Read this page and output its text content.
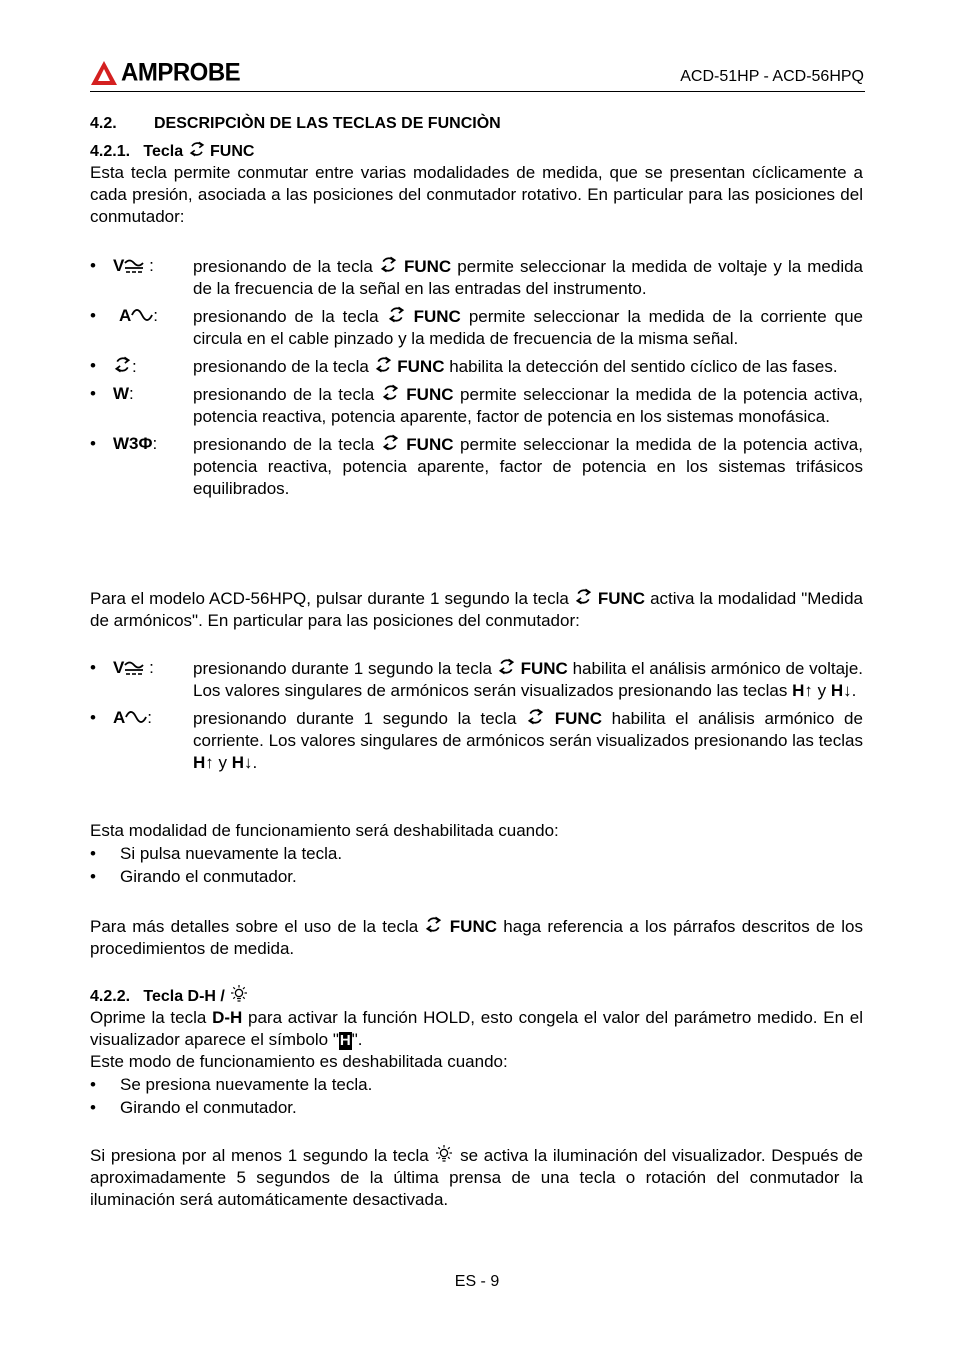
AMPROBE	ACD-51HP - ACD-56HPQ
4.2. DESCRIPCIÒN DE LAS TECLAS DE FUNCIÒN
4.2.1.   Tecla FUNC
Esta tecla permite conmutar entre varias modalidades de medida, que se presentan cíclicamente a cada presión, asociada a las posiciones del conmutador rotativo. En particular para las posiciones del conmutador:
• V : presionando de la tecla FUNC permite seleccionar la medida de voltaje y la medida de la frecuencia de la señal en las entradas del instrumento.
• A : presionando de la tecla FUNC permite seleccionar la medida de la corriente que circula en el cable pinzado y la medida de frecuencia de la misma señal.
•	:	presionando de la tecla FUNC habilita la detección del sentido cíclico de las fases.
• W:	presionando de la tecla FUNC permite seleccionar la medida de la potencia activa, potencia reactiva, potencia aparente, factor de potencia en los sistemas monofásica.
• W3Φ: presionando de la tecla FUNC permite seleccionar la medida de la potencia activa, potencia reactiva, potencia aparente, factor de potencia en los sistemas trifásicos equilibrados.
Para el modelo ACD-56HPQ, pulsar durante 1 segundo la tecla FUNC activa la modalidad "Medida de armónicos". En particular para las posiciones del conmutador:
• V : presionando durante 1 segundo la tecla FUNC habilita el análisis armónico de voltaje. Los valores singulares de armónicos serán visualizados presionando las teclas H↑ y H↓.
• A : presionando durante 1 segundo la tecla FUNC habilita el análisis armónico de corriente. Los valores singulares de armónicos serán visualizados presionando las teclas H↑ y H↓.
Esta modalidad de funcionamiento será deshabilitada cuando:
• Si pulsa nuevamente la tecla.
• Girando el conmutador.
Para más detalles sobre el uso de la tecla FUNC haga referencia a los párrafos descritos de los procedimientos de medida.
4.2.2.   Tecla D-H /
Oprime la tecla D-H para activar la función HOLD, esto congela el valor del parámetro medido. En el visualizador aparece el símbolo "H".
Este modo de funcionamiento es deshabilitada cuando:
• Se presiona nuevamente la tecla.
• Girando el conmutador.
Si presiona por al menos 1 segundo la tecla se activa la iluminación del visualizador. Después de aproximadamente 5 segundos de la última prensa de una tecla o rotación del conmutador la iluminación será automáticamente desactivada.
ES - 9
